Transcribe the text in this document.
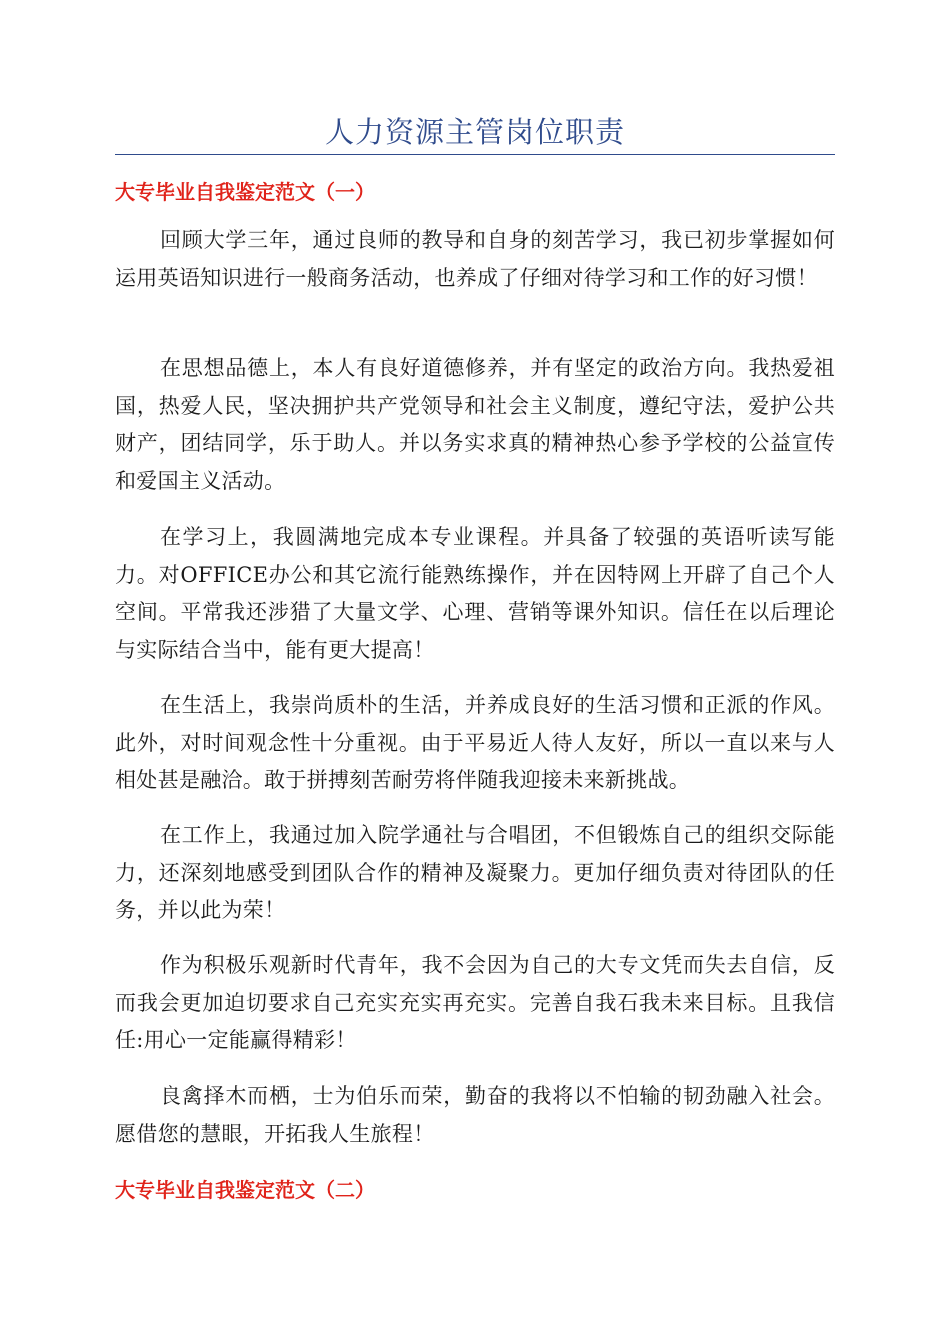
人力资源主管岗位职责
大专毕业自我鉴定范文（一）

回顾大学三年，通过良师的教导和自身的刻苦学习，我已初步掌握如何运用英语知识进行一般商务活动，也养成了仔细对待学习和工作的好习惯！

在思想品德上，本人有良好道德修养，并有坚定的政治方向。我热爱祖国，热爱人民，坚决拥护共产党领导和社会主义制度，遵纪守法，爱护公共财产，团结同学，乐于助人。并以务实求真的精神热心参予学校的公益宣传和爱国主义活动。

在学习上，我圆满地完成本专业课程。并具备了较强的英语听读写能力。对OFFICE办公和其它流行能熟练操作，并在因特网上开辟了自己个人空间。平常我还涉猎了大量文学、心理、营销等课外知识。信任在以后理论与实际结合当中，能有更大提高！

在生活上，我崇尚质朴的生活，并养成良好的生活习惯和正派的作风。此外，对时间观念性十分重视。由于平易近人待人友好，所以一直以来与人相处甚是融洽。敢于拼搏刻苦耐劳将伴随我迎接未来新挑战。

在工作上，我通过加入院学通社与合唱团，不但锻炼自己的组织交际能力，还深刻地感受到团队合作的精神及凝聚力。更加仔细负责对待团队的任务，并以此为荣！

作为积极乐观新时代青年，我不会因为自己的大专文凭而失去自信，反而我会更加迫切要求自己充实充实再充实。完善自我石我未来目标。且我信任:用心一定能赢得精彩！

良禽择木而栖，士为伯乐而荣，勤奋的我将以不怕输的韧劲融入社会。愿借您的慧眼，开拓我人生旅程！

大专毕业自我鉴定范文（二）
